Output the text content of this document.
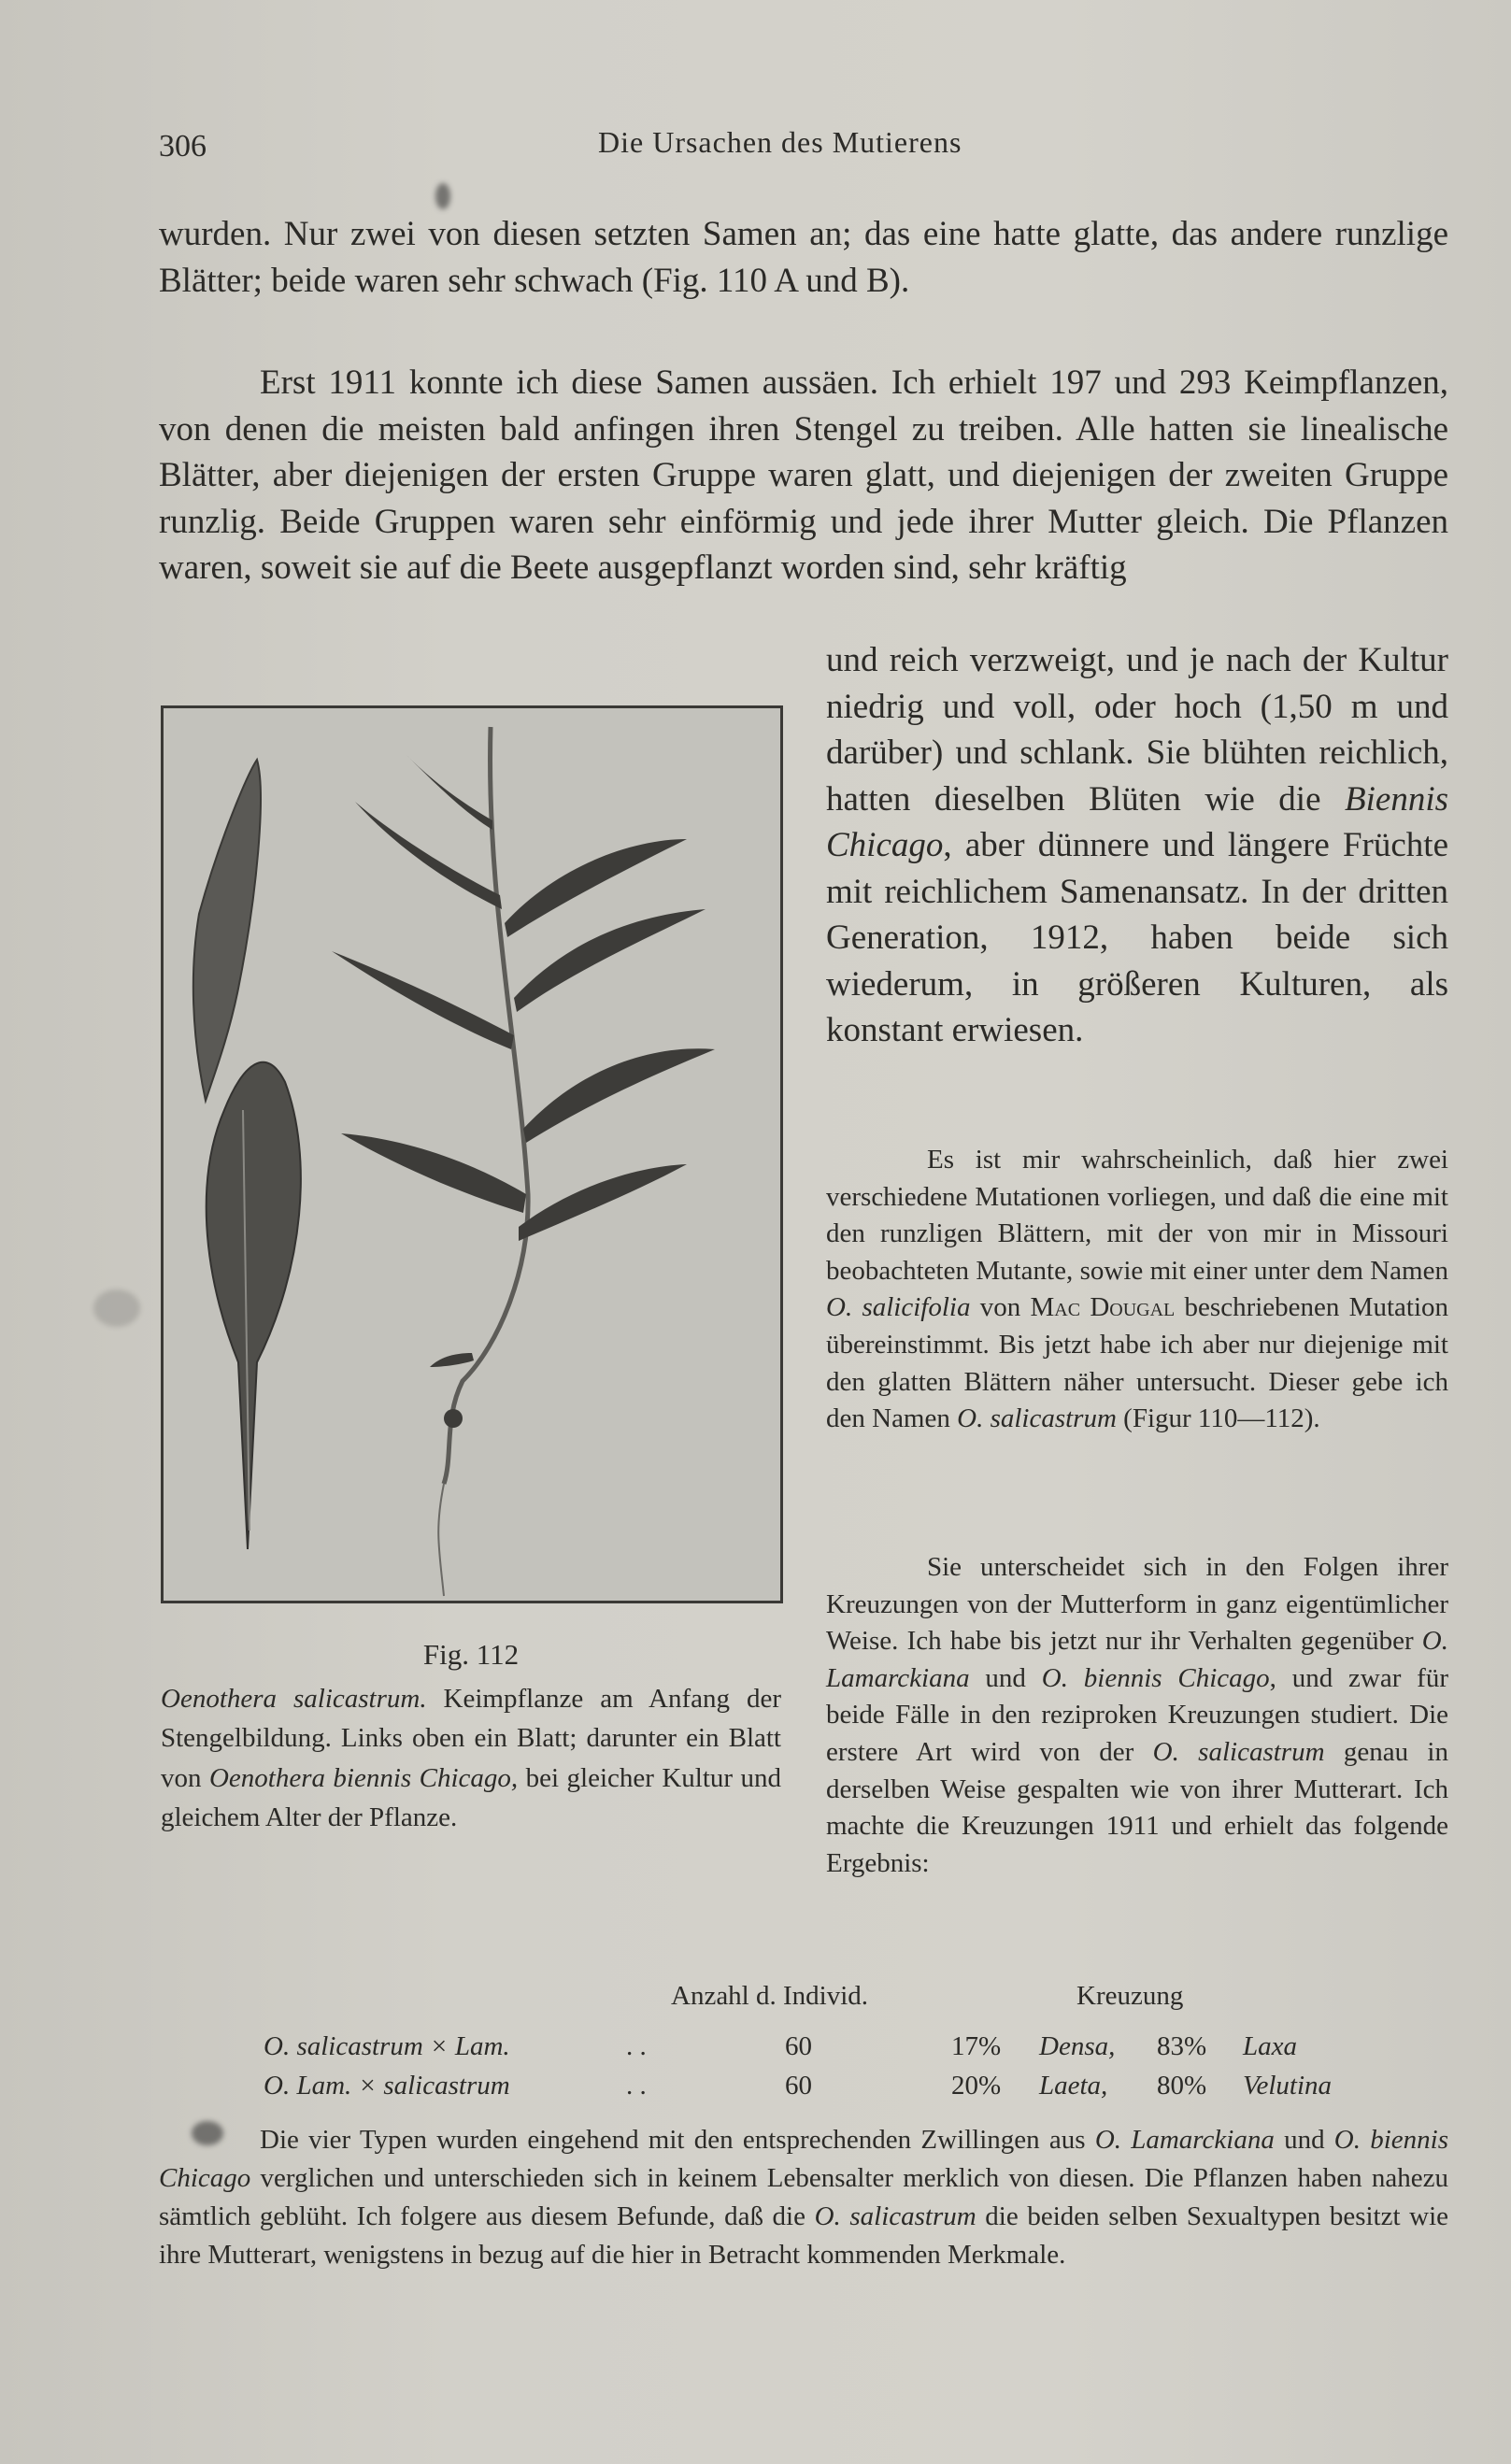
306	Die Ursachen des Mutierens
wurden. Nur zwei von diesen setzten Samen an; das eine hatte glatte, das andere runzlige Blätter; beide waren sehr schwach (Fig. 110 A und B).
Erst 1911 konnte ich diese Samen aussäen. Ich erhielt 197 und 293 Keimpflanzen, von denen die meisten bald anfingen ihren Stengel zu treiben. Alle hatten sie linealische Blätter, aber diejenigen der ersten Gruppe waren glatt, und diejenigen der zweiten Gruppe runzlig. Beide Gruppen waren sehr einförmig und jede ihrer Mutter gleich. Die Pflanzen waren, soweit sie auf die Beete ausgepflanzt worden sind, sehr kräftig
und reich verzweigt, und je nach der Kultur niedrig und voll, oder hoch (1,50 m und darüber) und schlank. Sie blühten reichlich, hatten dieselben Blüten wie die Biennis Chicago, aber dünnere und längere Früchte mit reichlichem Samenansatz. In der dritten Generation, 1912, haben beide sich wiederum, in größeren Kulturen, als konstant erwiesen.
Es ist mir wahrscheinlich, daß hier zwei verschiedene Mutationen vorliegen, und daß die eine mit den runzligen Blättern, mit der von mir in Missouri beobachteten Mutante, sowie mit einer unter dem Namen O. salicifolia von Mac Dougal beschriebenen Mutation übereinstimmt. Bis jetzt habe ich aber nur diejenige mit den glatten Blättern näher untersucht. Dieser gebe ich den Namen O. salicastrum (Figur 110—112).
Sie unterscheidet sich in den Folgen ihrer Kreuzungen von der Mutterform in ganz eigentümlicher Weise. Ich habe bis jetzt nur ihr Verhalten gegenüber O. Lamarckiana und O. biennis Chicago, und zwar für beide Fälle in den reziproken Kreuzungen studiert. Die erstere Art wird von der O. salicastrum genau in derselben Weise gespalten wie von ihrer Mutterart. Ich machte die Kreuzungen 1911 und erhielt das folgende Ergebnis:
Fig. 112
Oenothera salicastrum. Keimpflanze am Anfang der Stengelbildung. Links oben ein Blatt; darunter ein Blatt von Oenothera biennis Chicago, bei gleicher Kultur und gleichem Alter der Pflanze.
Anzahl d. Individ.	Kreuzung
O. salicastrum × Lam.	. .	60	17% Densa, 83% Laxa
O. Lam. × salicastrum	. .	60	20% Laeta, 80% Velutina
Die vier Typen wurden eingehend mit den entsprechenden Zwillingen aus O. Lamarckiana und O. biennis Chicago verglichen und unterschieden sich in keinem Lebensalter merklich von diesen. Die Pflanzen haben nahezu sämtlich geblüht. Ich folgere aus diesem Befunde, daß die O. salicastrum die beiden selben Sexualtypen besitzt wie ihre Mutterart, wenigstens in bezug auf die hier in Betracht kommenden Merkmale.
